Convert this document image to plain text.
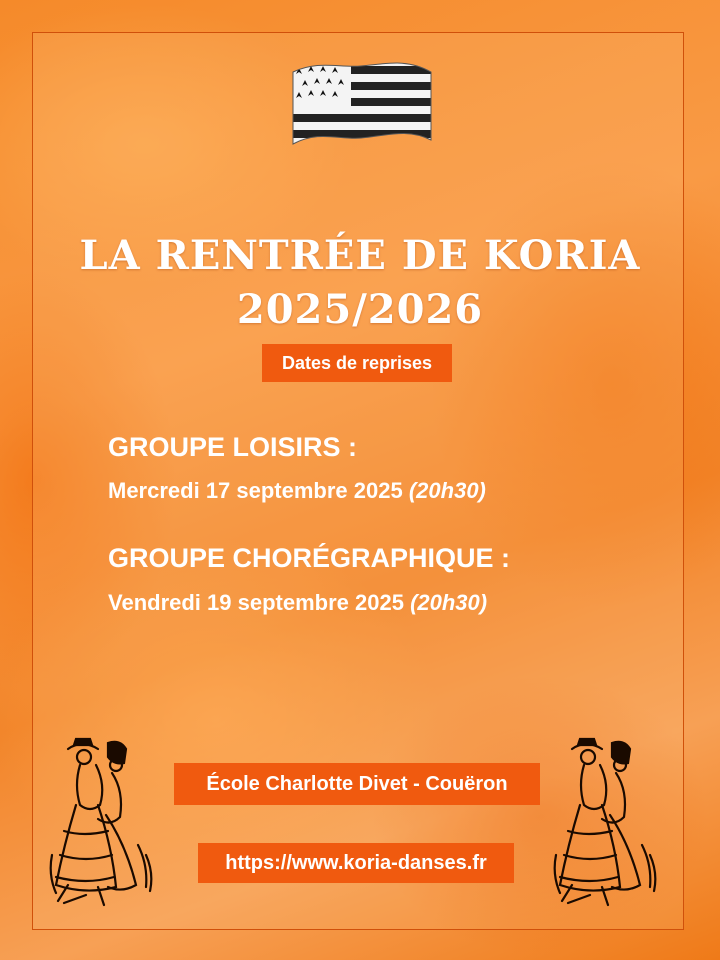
LA RENTRÉE DE KORIA
2025/2026
Dates de reprises
GROUPE LOISIRS :
Mercredi 17 septembre 2025 (20h30)
GROUPE CHORÉGRAPHIQUE :
Vendredi 19 septembre 2025 (20h30)
École Charlotte Divet - Couëron
https://www.koria-danses.fr
